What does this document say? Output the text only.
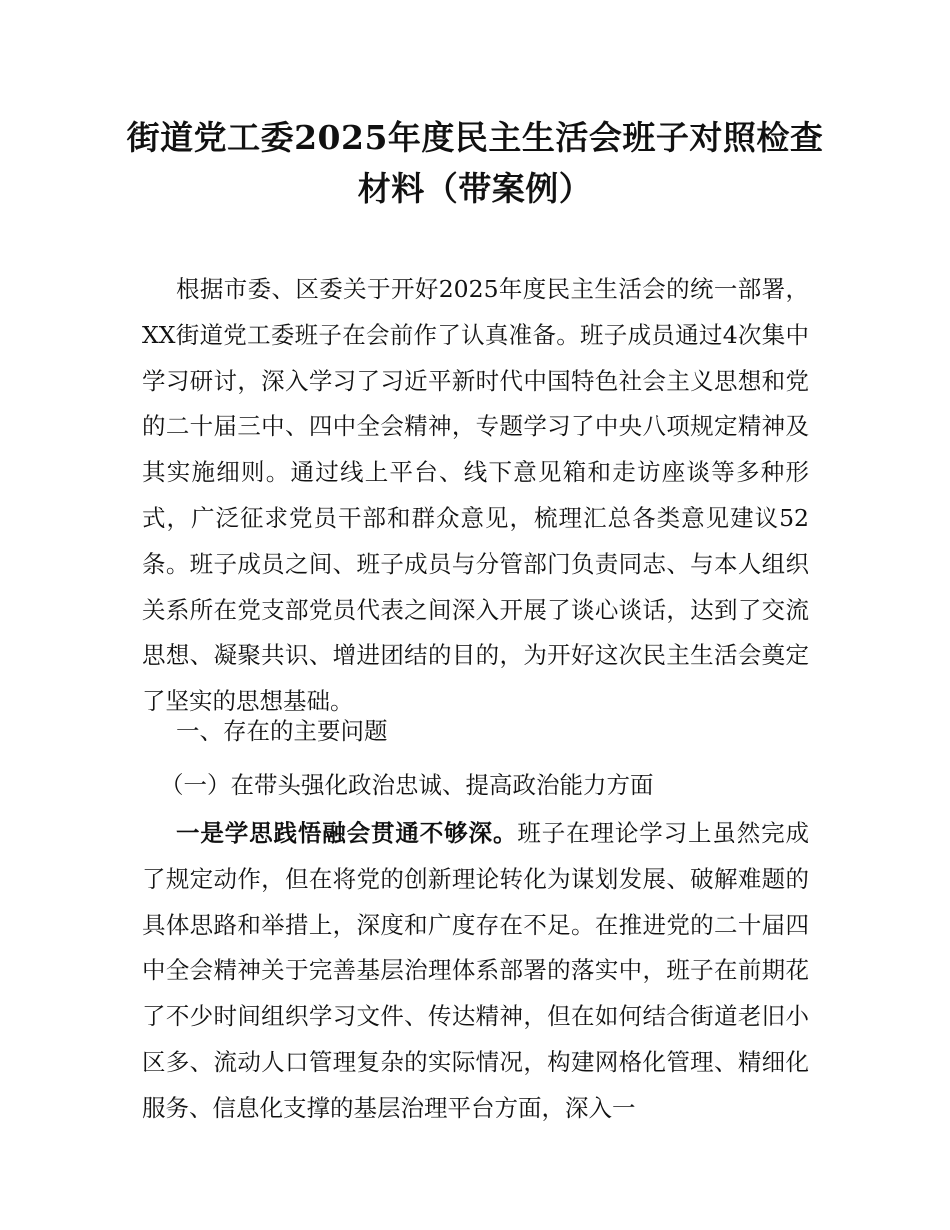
街道党工委2025年度民主生活会班子对照检查材料（带案例）

根据市委、区委关于开好2025年度民主生活会的统一部署，XX街道党工委班子在会前作了认真准备。班子成员通过4次集中学习研讨，深入学习了习近平新时代中国特色社会主义思想和党的二十届三中、四中全会精神，专题学习了中央八项规定精神及其实施细则。通过线上平台、线下意见箱和走访座谈等多种形式，广泛征求党员干部和群众意见，梳理汇总各类意见建议52条。班子成员之间、班子成员与分管部门负责同志、与本人组织关系所在党支部党员代表之间深入开展了谈心谈话，达到了交流思想、凝聚共识、增进团结的目的，为开好这次民主生活会奠定了坚实的思想基础。

一、存在的主要问题
（一）在带头强化政治忠诚、提高政治能力方面

一是学思践悟融会贯通不够深。班子在理论学习上虽然完成了规定动作，但在将党的创新理论转化为谋划发展、破解难题的具体思路和举措上，深度和广度存在不足。在推进党的二十届四中全会精神关于完善基层治理体系部署的落实中，班子在前期花了不少时间组织学习文件、传达精神，但在如何结合街道老旧小区多、流动人口管理复杂的实际情况，构建网格化管理、精细化服务、信息化支撑的基层治理平台方面，深入一
